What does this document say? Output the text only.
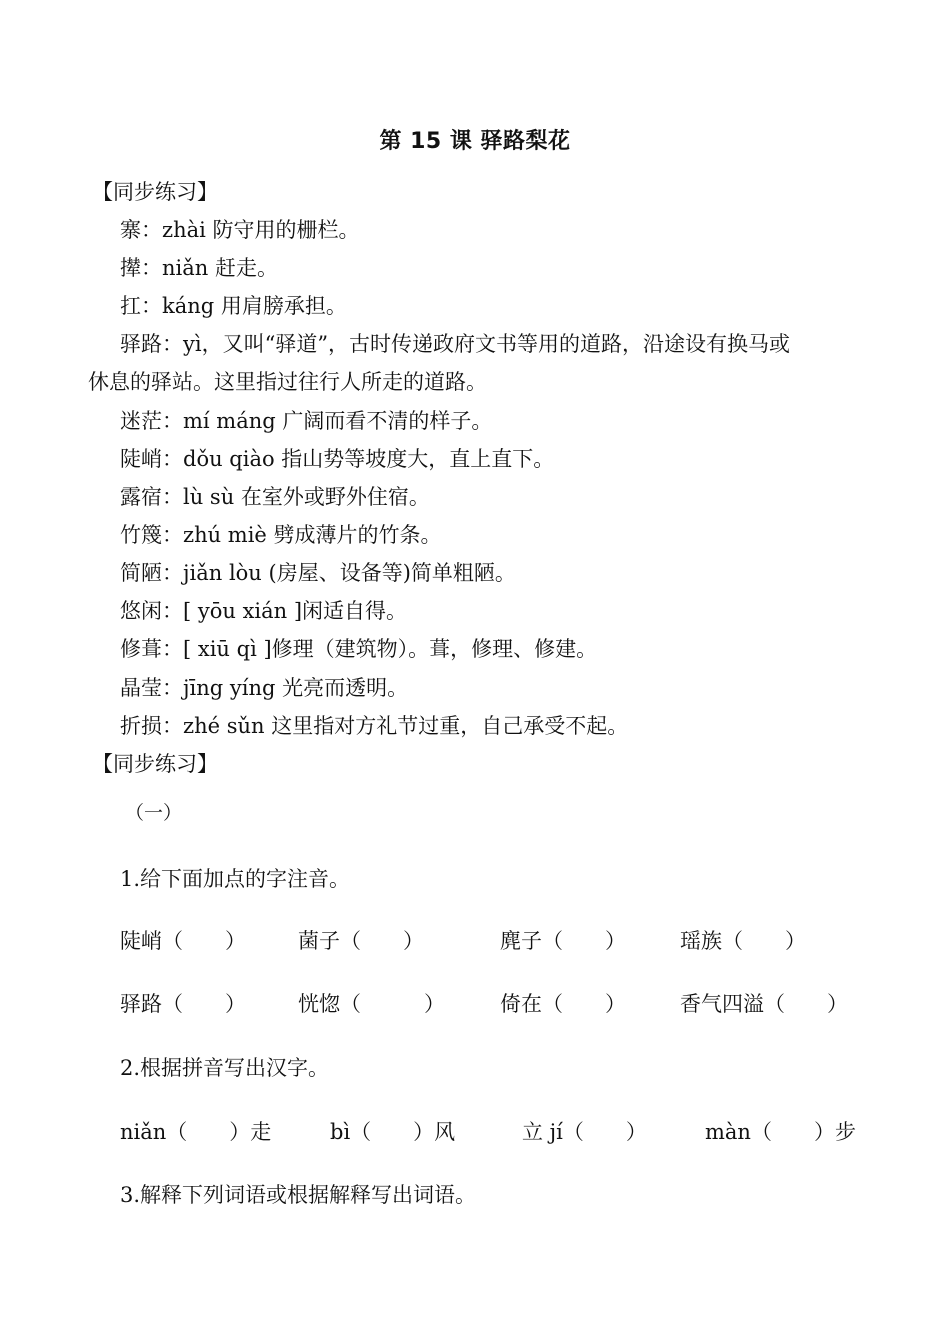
第 15 课 驿路梨花
【同步练习】
寨：zhài 防守用的栅栏。
撵：niǎn 赶走。
扛：káng 用肩膀承担。
驿路：yì，又叫“驿道”，古时传递政府文书等用的道路，沿途设有换马或
休息的驿站。这里指过往行人所走的道路。
迷茫：mí máng 广阔而看不清的样子。
陡峭：dǒu qiào 指山势等坡度大，直上直下。
露宿：lù sù 在室外或野外住宿。
竹篾：zhú miè 劈成薄片的竹条。
简陋：jiǎn lòu (房屋、设备等)简单粗陋。
悠闲：[ yōu xián ]闲适自得。
修葺：[ xiū qì ]修理（建筑物）。葺，修理、修建。
晶莹：jīng yíng 光亮而透明。
折损：zhé sǔn 这里指对方礼节过重，自己承受不起。
【同步练习】
（一）
1.给下面加点的字注音。
陡峭（　　） 菌子（　　）	麂子（　　）	瑶族（　　）
驿路（　　） 恍惚（　　　）	倚在（　　）	香气四溢（　　）
2.根据拼音写出汉字。
niǎn（　　）走	bì（　　）风	立 jí（　　）	màn（　　）步
3.解释下列词语或根据解释写出词语。
